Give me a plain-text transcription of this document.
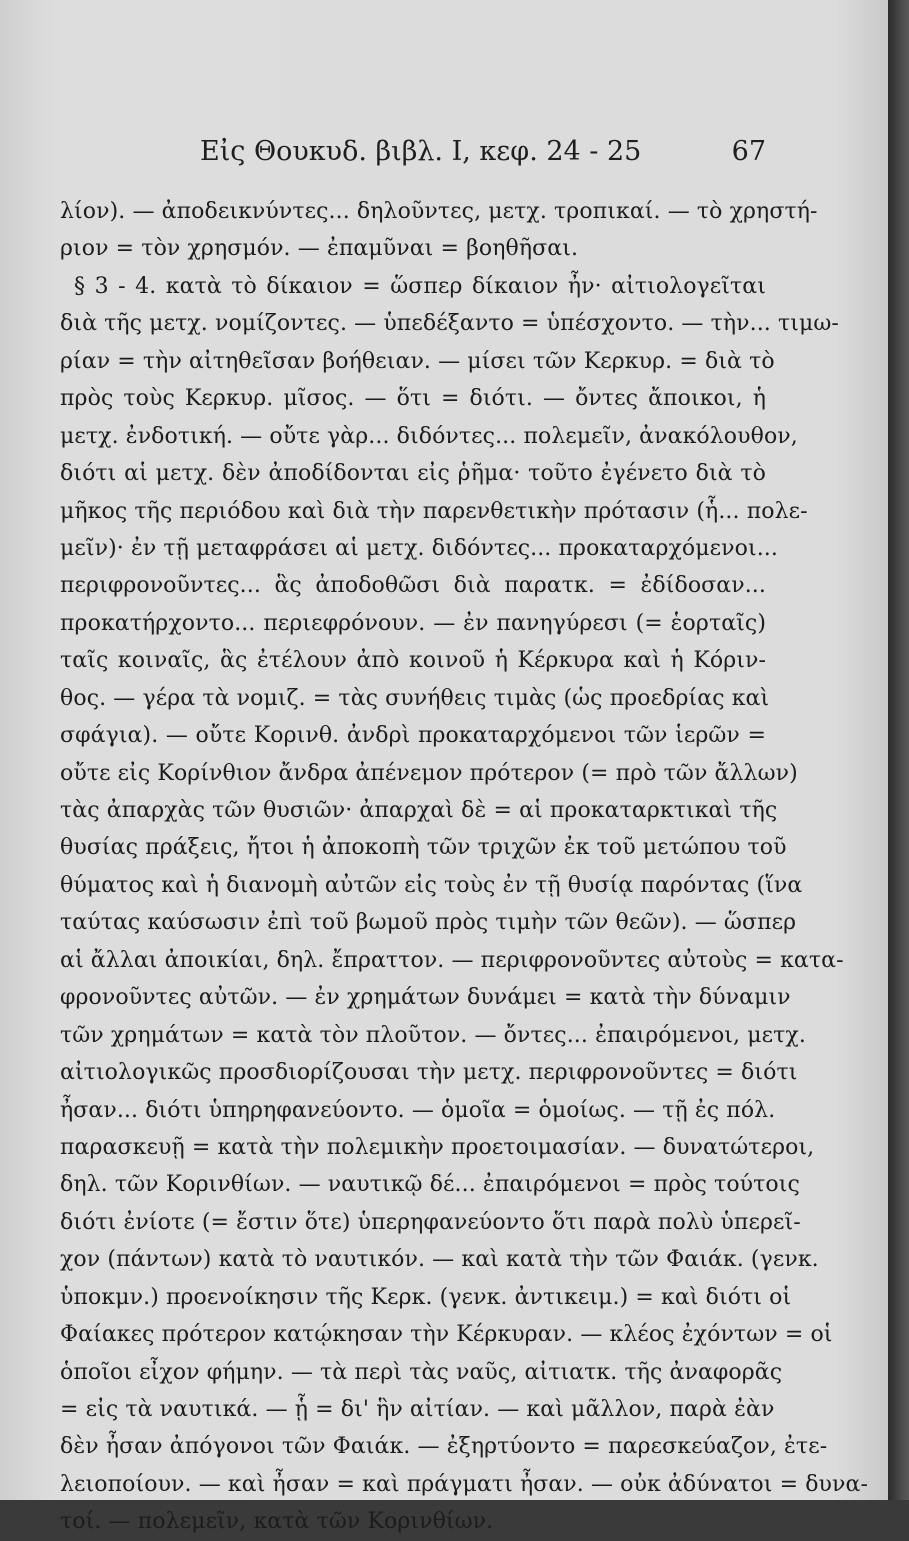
Εἰς Θουκυδ. βιβλ. Ι, κεφ. 24 - 25	67
λίον). — ἀποδεικνύντες... δηλοῦντες, μετχ. τροπικαί. — τὸ χρηστή-
ριον = τὸν χρησμόν. — ἐπαμῦναι = βοηθῆσαι.
§ 3 - 4. κατὰ τὸ δίκαιον = ὥσπερ δίκαιον ἦν· αἰτιολογεῖται
διὰ τῆς μετχ. νομίζοντες. — ὑπεδέξαντο = ὑπέσχοντο. — τὴν... τιμω-
ρίαν = τὴν αἰτηθεῖσαν βοήθειαν. — μίσει τῶν Κερκυρ. = διὰ τὸ
πρὸς τοὺς Κερκυρ. μῖσος. — ὅτι = διότι. — ὄντες ἄποικοι, ἡ
μετχ. ἐνδοτική. — οὔτε γὰρ... διδόντες... πολεμεῖν, ἀνακόλουθον,
διότι αἱ μετχ. δὲν ἀποδίδονται εἰς ῥῆμα· τοῦτο ἐγένετο διὰ τὸ
μῆκος τῆς περιόδου καὶ διὰ τὴν παρενθετικὴν πρότασιν (ἧ... πολε-
μεῖν)· ἐν τῇ μεταφράσει αἱ μετχ. διδόντες... προκαταρχόμενοι...
περιφρονοῦντες... ἃς ἀποδοθῶσι διὰ παρατκ. = ἐδίδοσαν...
προκατήρχοντο... περιεφρόνουν. — ἐν πανηγύρεσι (= ἑορταῖς)
ταῖς κοιναῖς, ἃς ἐτέλουν ἀπὸ κοινοῦ ἡ Κέρκυρα καὶ ἡ Κόριν-
θος. — γέρα τὰ νομιζ. = τὰς συνήθεις τιμὰς (ὡς προεδρίας καὶ
σφάγια). — οὔτε Κορινθ. ἀνδρὶ προκαταρχόμενοι τῶν ἱερῶν =
οὔτε εἰς Κορίνθιον ἄνδρα ἀπένεμον πρότερον (= πρὸ τῶν ἄλλων)
τὰς ἀπαρχὰς τῶν θυσιῶν· ἀπαρχαὶ δὲ = αἱ προκαταρκτικαὶ τῆς
θυσίας πράξεις, ἤτοι ἡ ἀποκοπὴ τῶν τριχῶν ἐκ τοῦ μετώπου τοῦ
θύματος καὶ ἡ διανομὴ αὐτῶν εἰς τοὺς ἐν τῇ θυσίᾳ παρόντας (ἵνα
ταύτας καύσωσιν ἐπὶ τοῦ βωμοῦ πρὸς τιμὴν τῶν θεῶν). — ὥσπερ
αἱ ἄλλαι ἀποικίαι, δηλ. ἔπραττον. — περιφρονοῦντες αὐτοὺς = κατα-
φρονοῦντες αὐτῶν. — ἐν χρημάτων δυνάμει = κατὰ τὴν δύναμιν
τῶν χρημάτων = κατὰ τὸν πλοῦτον. — ὄντες... ἐπαιρόμενοι, μετχ.
αἰτιολογικῶς προσδιορίζουσαι τὴν μετχ. περιφρονοῦντες = διότι
ἦσαν... διότι ὑπηρηφανεύοντο. — ὁμοῖα = ὁμοίως. — τῇ ἐς πόλ.
παρασκευῇ = κατὰ τὴν πολεμικὴν προετοιμασίαν. — δυνατώτεροι,
δηλ. τῶν Κορινθίων. — ναυτικῷ δέ... ἐπαιρόμενοι = πρὸς τούτοις
διότι ἐνίοτε (= ἔστιν ὅτε) ὑπερηφανεύοντο ὅτι παρὰ πολὺ ὑπερεῖ-
χον (πάντων) κατὰ τὸ ναυτικόν. — καὶ κατὰ τὴν τῶν Φαιάκ. (γενκ.
ὑποκμν.) προενοίκησιν τῆς Κερκ. (γενκ. ἀντικειμ.) = καὶ διότι οἱ
Φαίακες πρότερον κατῴκησαν τὴν Κέρκυραν. — κλέος ἐχόντων = οἱ
ὁποῖοι εἶχον φήμην. — τὰ περὶ τὰς ναῦς, αἰτιατκ. τῆς ἀναφορᾶς
= εἰς τὰ ναυτικά. — ᾗ = δι' ἣν αἰτίαν. — καὶ μᾶλλον, παρὰ ἐὰν
δὲν ἦσαν ἀπόγονοι τῶν Φαιάκ. — ἐξηρτύοντο = παρεσκεύαζον, ἐτε-
λειοποίουν. — καὶ ἦσαν = καὶ πράγματι ἦσαν. — οὐκ ἀδύνατοι = δυνα-
τοί. — πολεμεῖν, κατὰ τῶν Κορινθίων.
